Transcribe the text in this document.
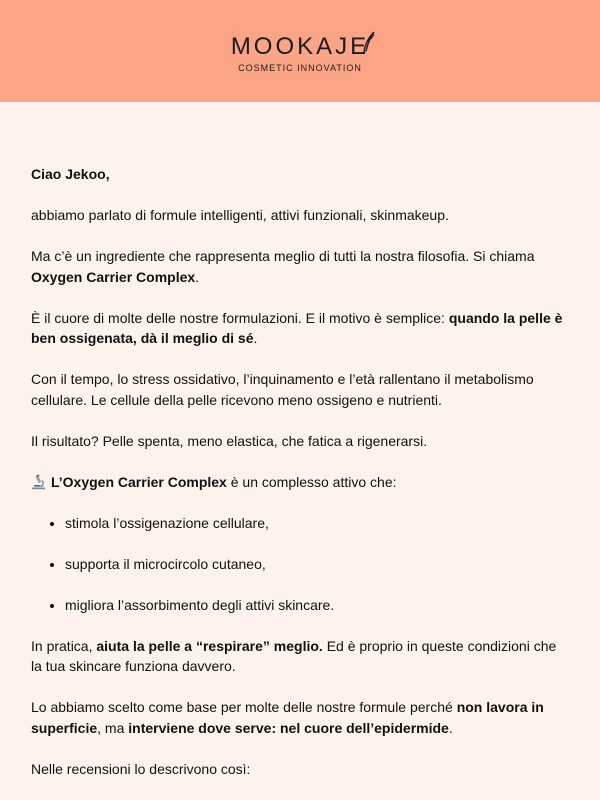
MOOKAJE
COSMETIC INNOVATION

Ciao Jekoo,

abbiamo parlato di formule intelligenti, attivi funzionali, skinmakeup.

Ma c’è un ingrediente che rappresenta meglio di tutti la nostra filosofia. Si chiama Oxygen Carrier Complex.

È il cuore di molte delle nostre formulazioni. E il motivo è semplice: quando la pelle è ben ossigenata, dà il meglio di sé.

Con il tempo, lo stress ossidativo, l’inquinamento e l’età rallentano il metabolismo cellulare. Le cellule della pelle ricevono meno ossigeno e nutrienti.

Il risultato? Pelle spenta, meno elastica, che fatica a rigenerarsi.

L’Oxygen Carrier Complex è un complesso attivo che:

• stimola l’ossigenazione cellulare,
• supporta il microcircolo cutaneo,
• migliora l’assorbimento degli attivi skincare.

In pratica, aiuta la pelle a “respirare” meglio. Ed è proprio in queste condizioni che la tua skincare funziona davvero.

Lo abbiamo scelto come base per molte delle nostre formule perché non lavora in superficie, ma interviene dove serve: nel cuore dell’epidermide.

Nelle recensioni lo descrivono così:
